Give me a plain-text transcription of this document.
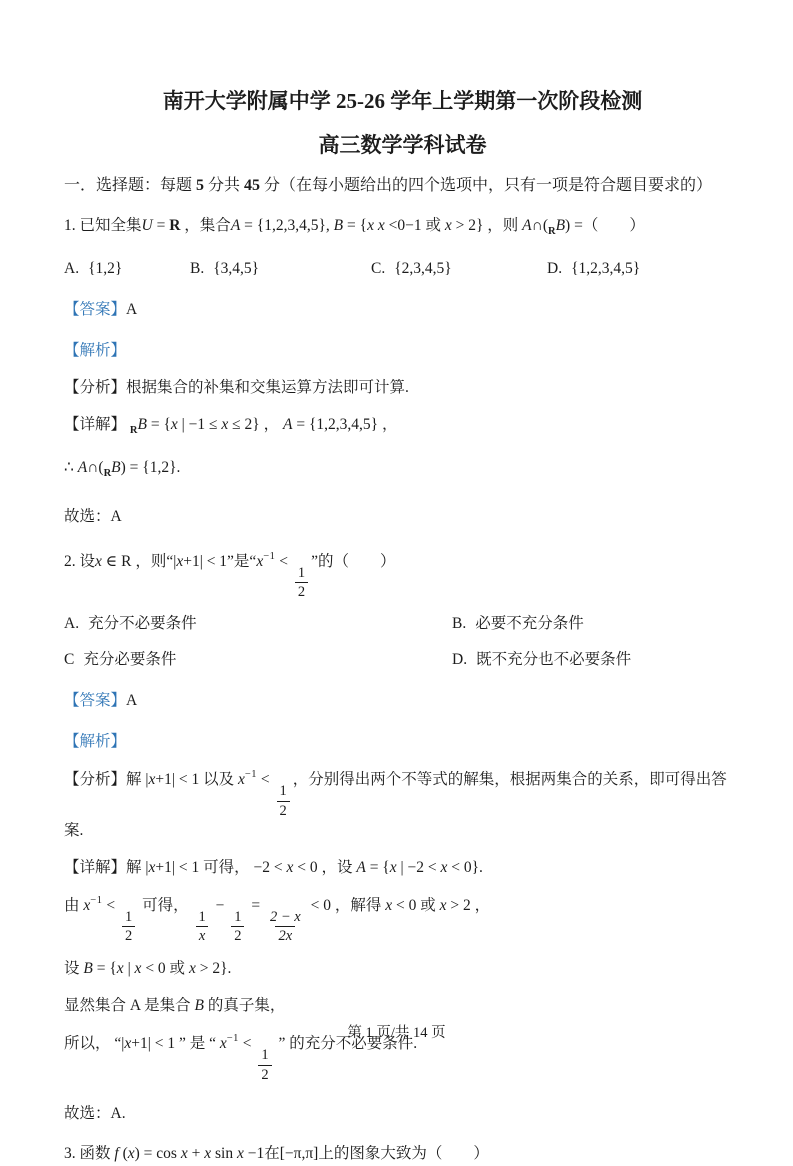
南开大学附属中学 25-26 学年上学期第一次阶段检测
高三数学学科试卷
一．选择题：每题 5 分共 45 分（在每小题给出的四个选项中，只有一项是符合题目要求的）
1. 已知全集U = R ，集合A = {1,2,3,4,5}, B = {x x <0−1 或 x > 2} ，则 $A\cap(_RB)$ =（　　）
A. {1,2}	B. {3,4,5}	C. {2,3,4,5}	D. {1,2,3,4,5}
【答案】A
【解析】
【分析】根据集合的补集和交集运算方法即可计算.
【详解】 $_R$B = {x | −1 ≤ x ≤ 2} ， A = {1,2,3,4,5} ，
∴ $A\cap(_RB) = \{1,2\}$.
故选：A
2. 设x ∈ R ，则“|x+1| < 1”是“$x^{-1}$ <
$\frac{1}{2}$
”的（　　）
A. 充分不必要条件	B. 必要不充分条件
C 充分必要条件	D. 既不充分也不必要条件
【答案】A
【解析】
【分析】解 |x+1| < 1 以及 $x^{-1}$ <
$\frac{1}{2}$
，分别得出两个不等式的解集，根据两集合的关系，即可得出答案.
【详解】解 |x+1| < 1 可得， −2 < x < 0 ，设 A = {x | −2 < x < 0}.
由 $x^{-1}$ <
$\frac{1}{2}$
可得，
$\frac{1}{x}$
−
$\frac{1}{2}$
=
$\frac{2 - x}{2x}$
< 0 ，解得 x < 0 或 x > 2 ，
设 B = {x | x < 0 或 x > 2}.
显然集合 A 是集合 B 的真子集，
所以， “|x+1| < 1 ” 是 “ $x^{-1}$ <
$\frac{1}{2}$
” 的充分不必要条件.
故选：A.
3. 函数 f (x) = cos x + x sin x −1在[−π,π]上的图象大致为（　　）
第 1 页/共 14 页
